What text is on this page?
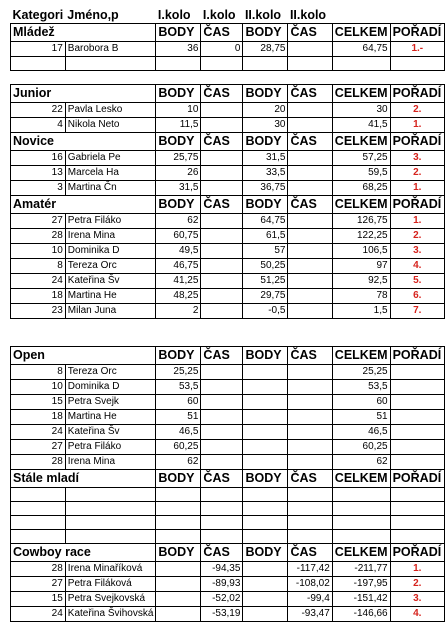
Kategori	Jméno,p	I.kolo	I.kolo	II.kolo	II.kolo		
Mládež		BODY	ČAS	BODY	ČAS	CELKEM	POŘADÍ
17	Barobora B	36	0	28,75		64,75	1.-

Junior		BODY	ČAS	BODY	ČAS	CELKEM	POŘADÍ
22	Pavla Lesko	10		20		30	2.
4	Nikola Neto	11,5		30		41,5	1.
Novice		BODY	ČAS	BODY	ČAS	CELKEM	POŘADÍ
16	Gabriela Pe	25,75		31,5		57,25	3.
13	Marcela Ha	26		33,5		59,5	2.
3	Martina Čn	31,5		36,75		68,25	1.
Amatér		BODY	ČAS	BODY	ČAS	CELKEM	POŘADÍ
27	Petra Filáko	62		64,75		126,75	1.
28	Irena Mina	60,75		61,5		122,25	2.
10	Dominika D	49,5		57		106,5	3.
8	Tereza Orc	46,75		50,25		97	4.
24	Kateřina Šv	41,25		51,25		92,5	5.
18	Martina He	48,25		29,75		78	6.
23	Milan Juna	2		-0,5		1,5	7.

Open		BODY	ČAS	BODY	ČAS	CELKEM	POŘADÍ
8	Tereza Orc	25,25				25,25	
10	Dominika D	53,5				53,5	
15	Petra Svejk	60				60	
18	Martina He	51				51	
24	Kateřina Šv	46,5				46,5	
27	Petra Filáko	60,25				60,25	
28	Irena Mina	62				62	
Stále mladí		BODY	ČAS	BODY	ČAS	CELKEM	POŘADÍ

Cowboy race		BODY	ČAS	BODY	ČAS	CELKEM	POŘADÍ
28	Irena Minaříková		-94,35		-117,42	-211,77	1.
27	Petra Filáková		-89,93		-108,02	-197,95	2.
15	Petra Svejkovská		-52,02		-99,4	-151,42	3.
24	Kateřina Švihovská		-53,19		-93,47	-146,66	4.
